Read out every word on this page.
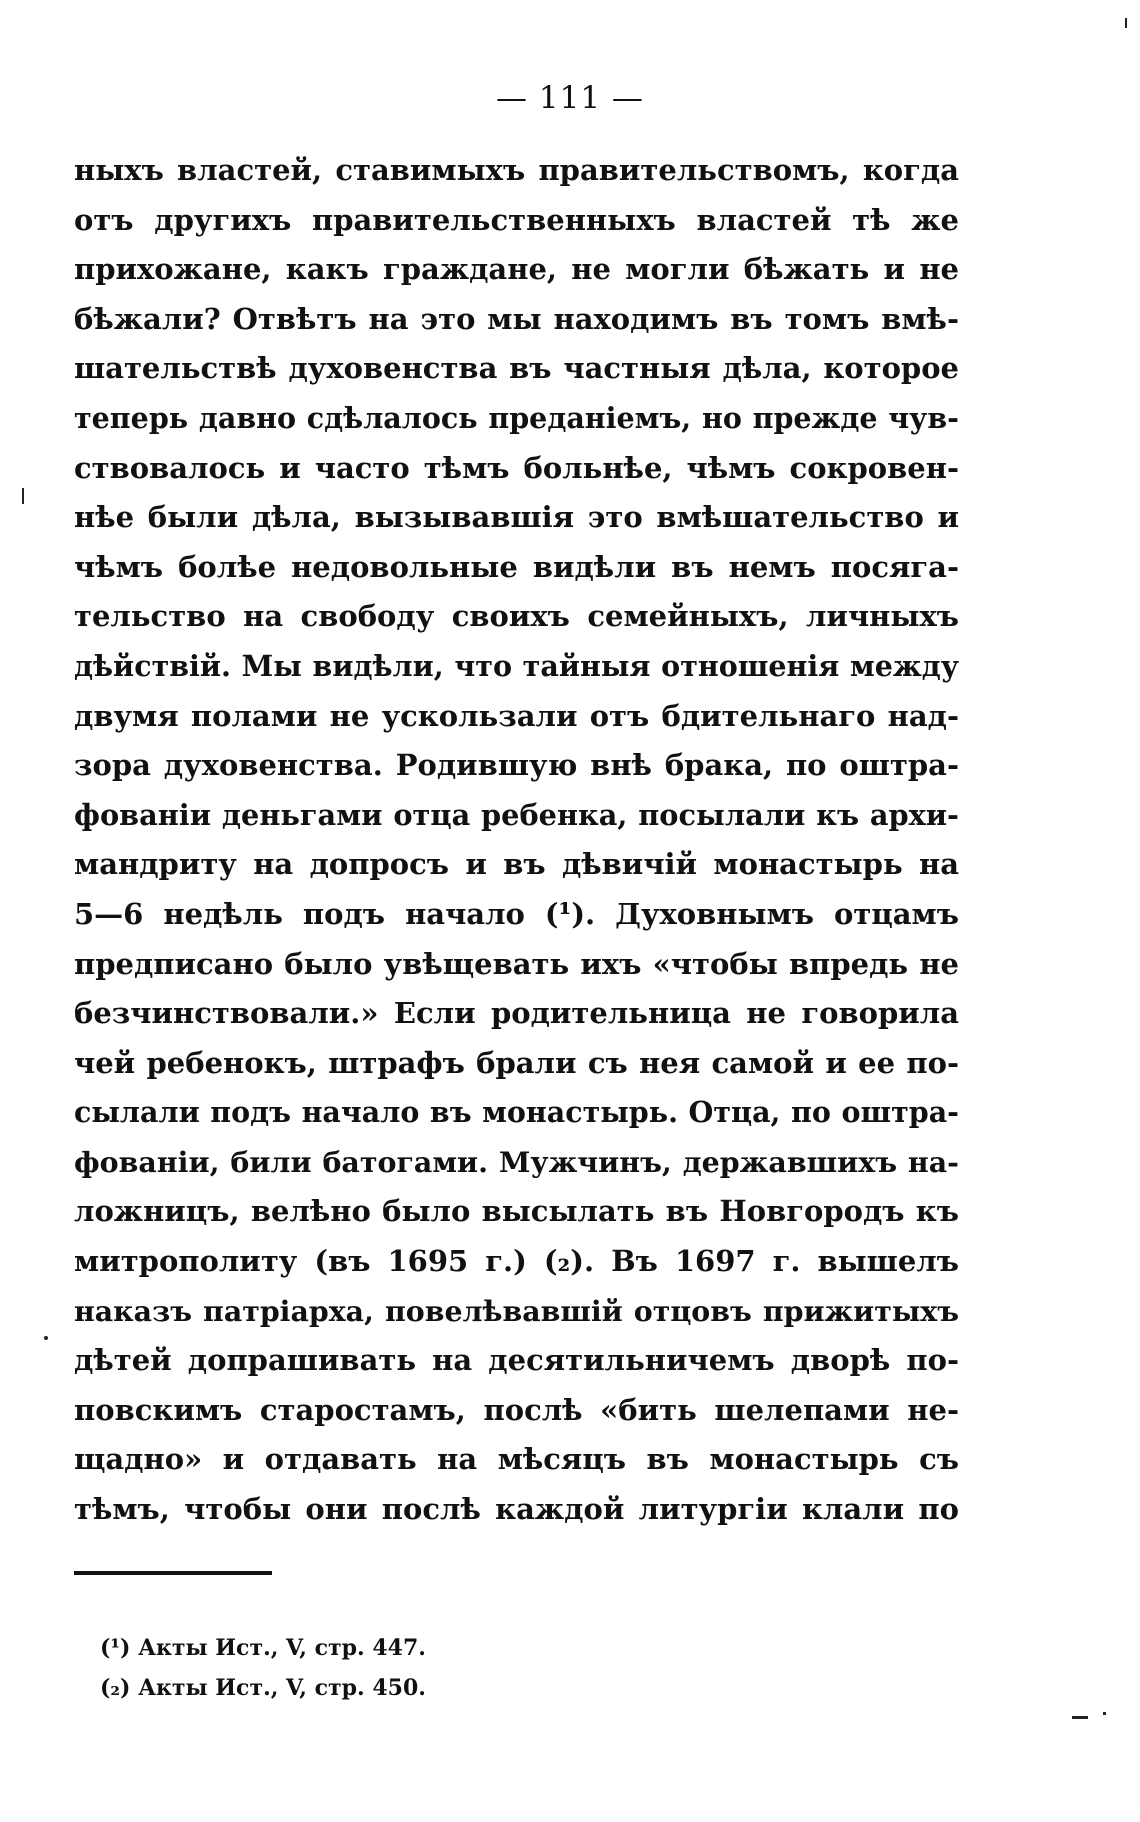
— 111 —
ныхъ властей, ставимыхъ правительствомъ, когда
отъ другихъ правительственныхъ властей тѣ же
прихожане, какъ граждане, не могли бѣжать и не
бѣжали? Отвѣтъ на это мы находимъ въ томъ вмѣ-
шательствѣ духовенства въ частныя дѣла, которое
теперь давно сдѣлалось преданіемъ, но прежде чув-
ствовалось и часто тѣмъ больнѣе, чѣмъ сокровен-
нѣе были дѣла, вызывавшія это вмѣшательство и
чѣмъ болѣе недовольные видѣли въ немъ посяга-
тельство на свободу своихъ семейныхъ, личныхъ
дѣйствій. Мы видѣли, что тайныя отношенія между
двумя полами не ускользали отъ бдительнаго над-
зора духовенства. Родившую внѣ брака, по оштра-
фованіи деньгами отца ребенка, посылали къ архи-
мандриту на допросъ и въ дѣвичій монастырь на
5—6 недѣль подъ начало (¹). Духовнымъ отцамъ
предписано было увѣщевать ихъ «чтобы впредь не
безчинствовали.» Если родительница не говорила
чей ребенокъ, штрафъ брали съ нея самой и ее по-
сылали подъ начало въ монастырь. Отца, по оштра-
фованіи, били батогами. Мужчинъ, державшихъ на-
ложницъ, велѣно было высылать въ Новгородъ къ
митрополиту (въ 1695 г.) (₂). Въ 1697 г. вышелъ
наказъ патріарха, повелѣвавшій отцовъ прижитыхъ
дѣтей допрашивать на десятильничемъ дворѣ по-
повскимъ старостамъ, послѣ «бить шелепами не-
щадно» и отдавать на мѣсяцъ въ монастырь съ
тѣмъ, чтобы они послѣ каждой литургіи клали по
(¹) Акты Ист., V, стр. 447.
(₂) Акты Ист., V, стр. 450.
